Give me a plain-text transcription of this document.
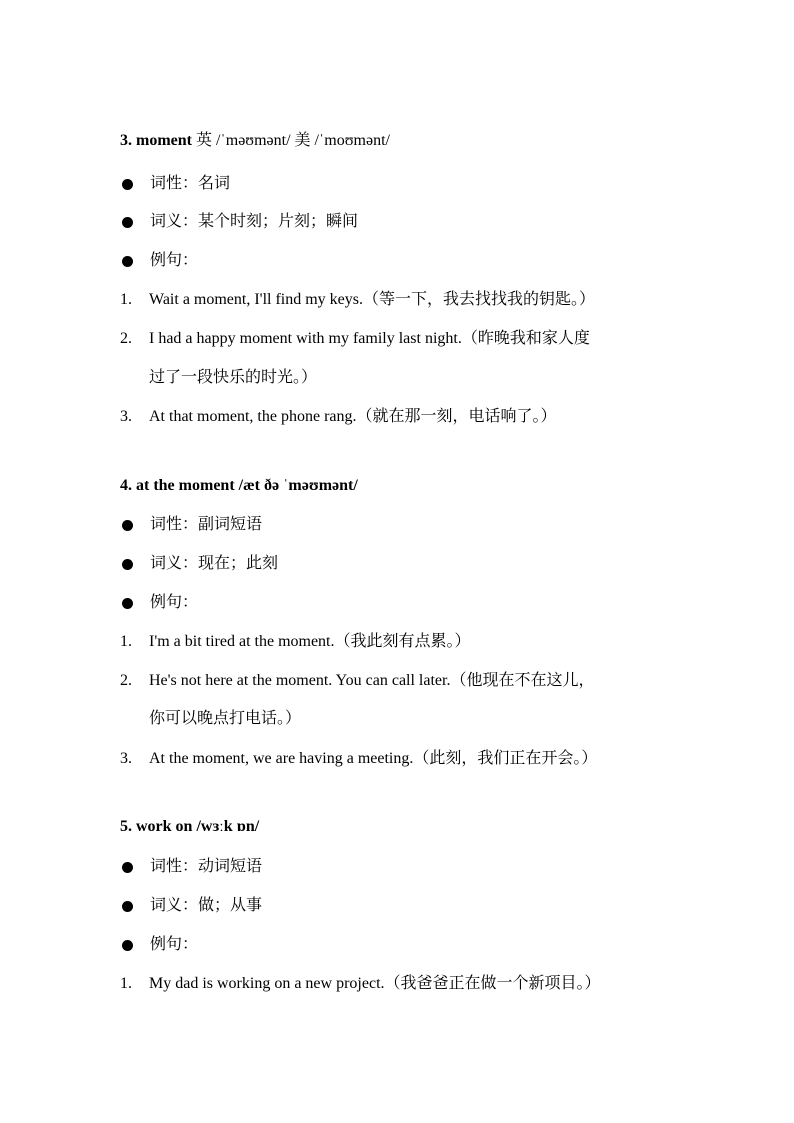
3. moment 英 /ˈməʊmənt/ 美 /ˈmoʊmənt/
词性：名词
词义：某个时刻；片刻；瞬间
例句：
1. Wait a moment, I'll find my keys.（等一下，我去找找我的钥匙。）
2. I had a happy moment with my family last night.（昨晚我和家人度
过了一段快乐的时光。）
3. At that moment, the phone rang.（就在那一刻，电话响了。）
4. at the moment /æt ðə ˈməʊmənt/
词性：副词短语
词义：现在；此刻
例句：
1. I'm a bit tired at the moment.（我此刻有点累。）
2. He's not here at the moment. You can call later.（他现在不在这儿，
你可以晚点打电话。）
3. At the moment, we are having a meeting.（此刻，我们正在开会。）
5. work on /wɜːk ɒn/
词性：动词短语
词义：做；从事
例句：
1. My dad is working on a new project.（我爸爸正在做一个新项目。）
